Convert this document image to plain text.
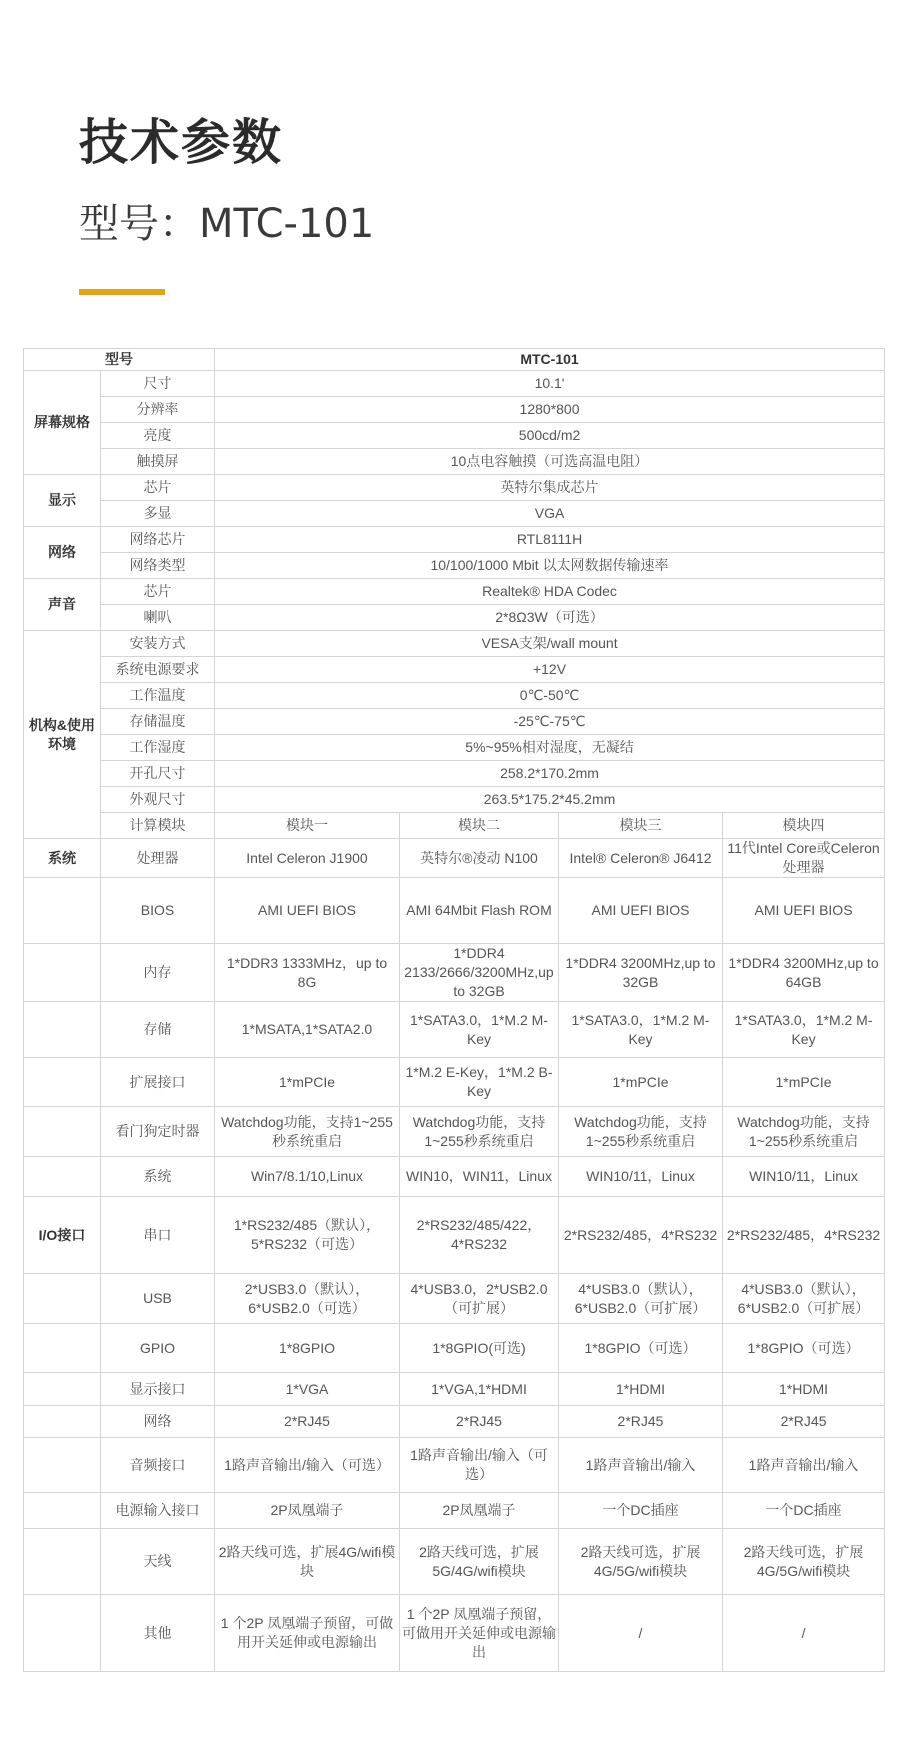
技术参数
型号：MTC-101
型号		MTC-101			
屏幕规格	尺寸	10.1'			
	分辨率	1280*800			
	亮度	500cd/m2			
	触摸屏	10点电容触摸（可选高温电阻）			
显示	芯片	英特尔集成芯片			
	多显	VGA			
网络	网络芯片	RTL8111H			
	网络类型	10/100/1000 Mbit 以太网数据传输速率			
声音	芯片	Realtek® HDA Codec			
	喇叭	2*8Ω3W（可选）			
机构&使用环境	安装方式	VESA支架/wall mount			
	系统电源要求	+12V			
	工作温度	0℃-50℃			
	存储温度	-25℃-75℃			
	工作湿度	5%~95%相对湿度，无凝结			
	开孔尺寸	258.2*170.2mm			
	外观尺寸	263.5*175.2*45.2mm			
	计算模块	模块一	模块二	模块三	模块四
系统	处理器	Intel Celeron J1900	英特尔®凌动 N100	Intel® Celeron® J6412	11代Intel Core或Celeron处理器
	BIOS	AMI UEFI BIOS	AMI 64Mbit Flash ROM	AMI UEFI BIOS	AMI UEFI BIOS
	内存	1*DDR3 1333MHz，up to 8G	1*DDR4 2133/2666/3200MHz,up to 32GB	1*DDR4 3200MHz,up to 32GB	1*DDR4 3200MHz,up to 64GB
	存储	1*MSATA,1*SATA2.0	1*SATA3.0，1*M.2 M-Key	1*SATA3.0，1*M.2 M-Key	1*SATA3.0，1*M.2 M-Key
	扩展接口	1*mPCIe	1*M.2 E-Key，1*M.2 B-Key	1*mPCIe	1*mPCIe
	看门狗定时器	Watchdog功能，支持1~255秒系统重启	Watchdog功能，支持1~255秒系统重启	Watchdog功能，支持1~255秒系统重启	Watchdog功能，支持1~255秒系统重启
	系统	Win7/8.1/10,Linux	WIN10，WIN11，Linux	WIN10/11，Linux	WIN10/11，Linux
I/O接口	串口	1*RS232/485（默认），5*RS232（可选）	2*RS232/485/422，4*RS232	2*RS232/485，4*RS232	2*RS232/485，4*RS232
	USB	2*USB3.0（默认），6*USB2.0（可选）	4*USB3.0，2*USB2.0（可扩展）	4*USB3.0（默认），6*USB2.0（可扩展）	4*USB3.0（默认），6*USB2.0（可扩展）
	GPIO	1*8GPIO	1*8GPIO(可选)	1*8GPIO（可选）	1*8GPIO（可选）
	显示接口	1*VGA	1*VGA,1*HDMI	1*HDMI	1*HDMI
	网络	2*RJ45	2*RJ45	2*RJ45	2*RJ45
	音频接口	1路声音输出/输入（可选）	1路声音输出/输入（可选）	1路声音输出/输入	1路声音输出/输入
	电源输入接口	2P凤凰端子	2P凤凰端子	一个DC插座	一个DC插座
	天线	2路天线可选，扩展4G/wifi模块	2路天线可选，扩展5G/4G/wifi模块	2路天线可选，扩展4G/5G/wifi模块	2路天线可选，扩展4G/5G/wifi模块
	其他	1 个2P 凤凰端子预留，可做用开关延伸或电源输出	1 个2P 凤凰端子预留，可做用开关延伸或电源输出	/	/
